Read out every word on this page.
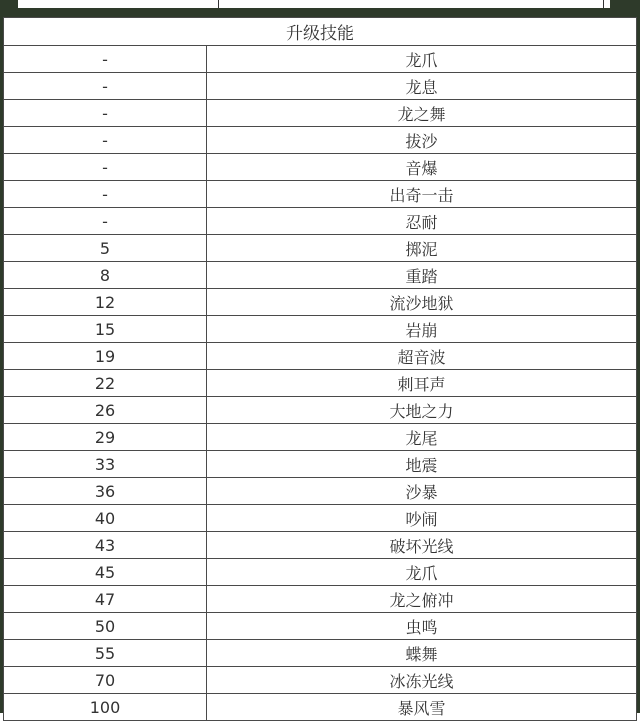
升级技能	
-	龙爪
-	龙息
-	龙之舞
-	拔沙
-	音爆
-	出奇一击
-	忍耐
5	掷泥
8	重踏
12	流沙地狱
15	岩崩
19	超音波
22	刺耳声
26	大地之力
29	龙尾
33	地震
36	沙暴
40	吵闹
43	破坏光线
45	龙爪
47	龙之俯冲
50	虫鸣
55	蝶舞
70	冰冻光线
100	暴风雪
